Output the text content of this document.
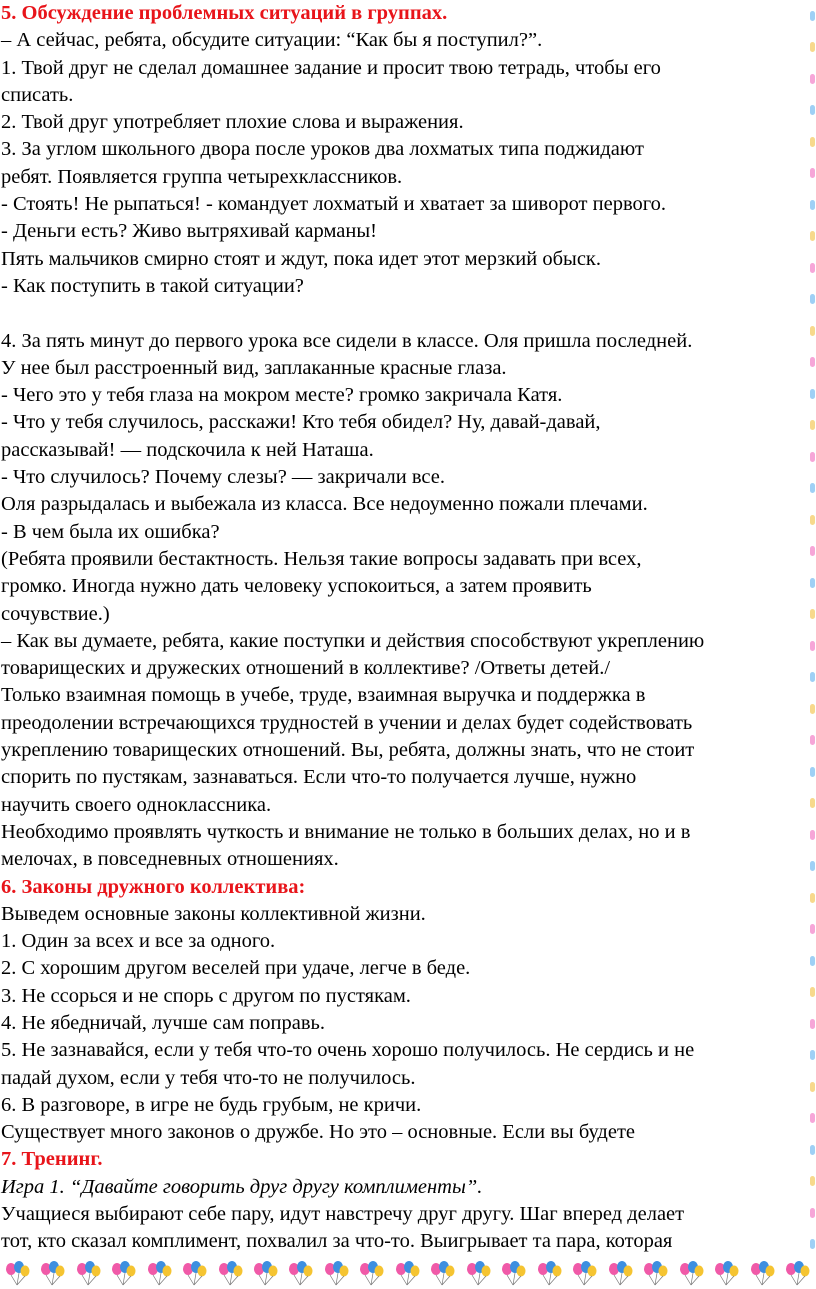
5. Обсуждение проблемных ситуаций в группах.
– А сейчас, ребята, обсудите ситуации: “Как бы я поступил?”.
1. Твой друг не сделал домашнее задание и просит твою тетрадь, чтобы его
списать.
2. Твой друг употребляет плохие слова и выражения.
3. За углом школьного двора после уроков два лохматых типа поджидают
ребят. Появляется группа четырехклассников.
- Стоять! Не рыпаться! - командует лохматый и хватает за шиворот первого.
- Деньги есть? Живо вытряхивай карманы!
Пять мальчиков смирно стоят и ждут, пока идет этот мерзкий обыск.
- Как поступить в такой ситуации?
4. За пять минут до первого урока все сидели в классе. Оля пришла последней.
У нее был расстроенный вид, заплаканные красные глаза.
- Чего это у тебя глаза на мокром месте? громко закричала Катя.
- Что у тебя случилось, расскажи! Кто тебя обидел? Ну, давай-давай,
рассказывай! — подскочила к ней Наташа.
- Что случилось? Почему слезы? — закричали все.
Оля разрыдалась и выбежала из класса. Все недоуменно пожали плечами.
- В чем была их ошибка?
(Ребята проявили бестактность. Нельзя такие вопросы задавать при всех,
громко. Иногда нужно дать человеку успокоиться, а затем проявить
сочувствие.)
– Как вы думаете, ребята, какие поступки и действия способствуют укреплению
товарищеских и дружеских отношений в коллективе? /Ответы детей./
Только взаимная помощь в учебе, труде, взаимная выручка и поддержка в
преодолении встречающихся трудностей в учении и делах будет содействовать
укреплению товарищеских отношений. Вы, ребята, должны знать, что не стоит
спорить по пустякам, зазнаваться. Если что-то получается лучше, нужно
научить своего одноклассника.
Необходимо проявлять чуткость и внимание не только в больших делах, но и в
мелочах, в повседневных отношениях.
6. Законы дружного коллектива:
Выведем основные законы коллективной жизни.
1. Один за всех и все за одного.
2. С хорошим другом веселей при удаче, легче в беде.
3. Не ссорься и не спорь с другом по пустякам.
4. Не ябедничай, лучше сам поправь.
5. Не зазнавайся, если у тебя что-то очень хорошо получилось. Не сердись и не
падай духом, если у тебя что-то не получилось.
6. В разговоре, в игре не будь грубым, не кричи.
Существует много законов о дружбе. Но это – основные. Если вы будете
7. Тренинг.
Игра 1. “Давайте говорить друг другу комплименты”.
Учащиеся выбирают себе пару, идут навстречу друг другу. Шаг вперед делает
тот, кто сказал комплимент, похвалил за что-то. Выигрывает та пара, которая
